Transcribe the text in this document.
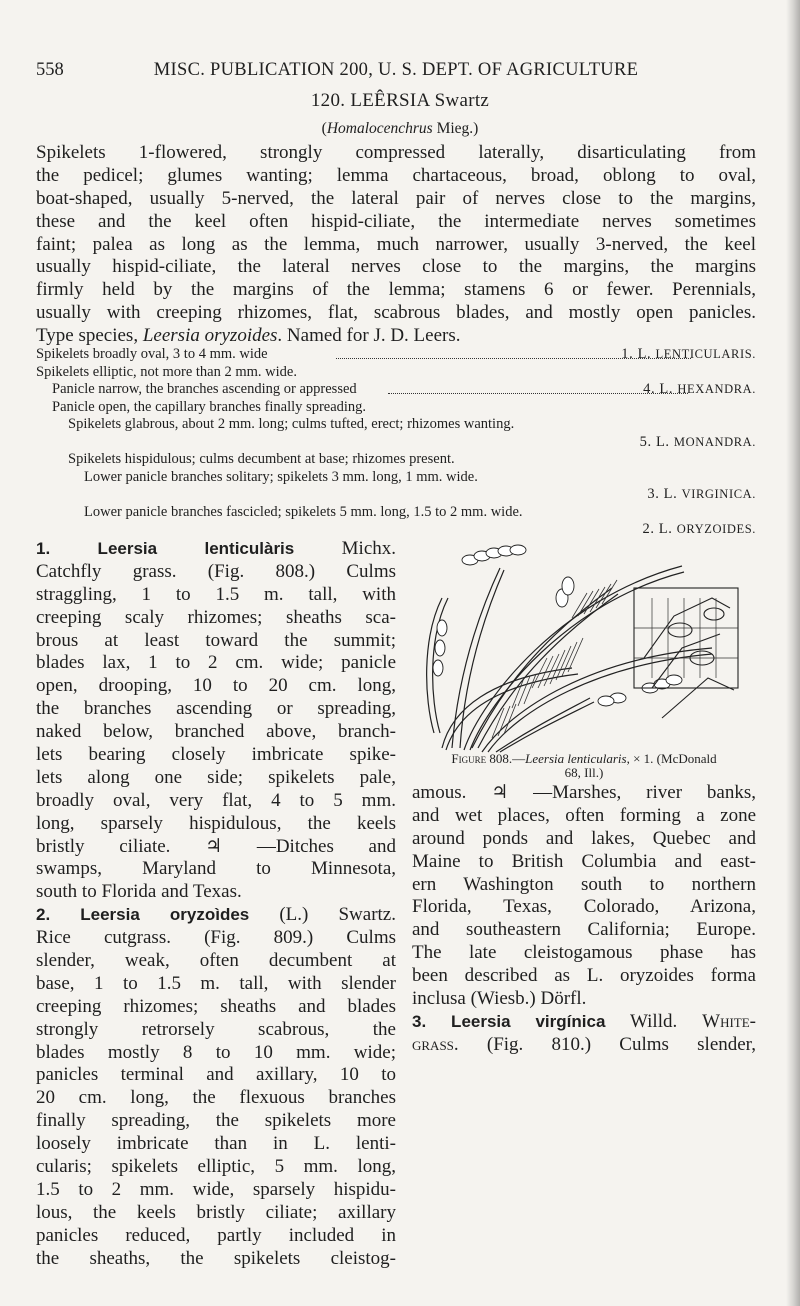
558	MISC. PUBLICATION 200, U. S. DEPT. OF AGRICULTURE
120. LEÊRSIA Swartz
(Homalocenchrus Mieg.)
Spikelets 1-flowered, strongly compressed laterally, disarticulating from
the pedicel; glumes wanting; lemma chartaceous, broad, oblong to oval,
boat-shaped, usually 5-nerved, the lateral pair of nerves close to the margins,
these and the keel often hispid-ciliate, the intermediate nerves sometimes
faint; palea as long as the lemma, much narrower, usually 3-nerved, the keel
usually hispid-ciliate, the lateral nerves close to the margins, the margins
firmly held by the margins of the lemma; stamens 6 or fewer. Perennials,
usually with creeping rhizomes, flat, scabrous blades, and mostly open panicles.
Type species, Leersia oryzoides. Named for J. D. Leers.
Spikelets broadly oval, 3 to 4 mm. wide	1. L. LENTICULARIS.
Spikelets elliptic, not more than 2 mm. wide.
Panicle narrow, the branches ascending or appressed	4. L. HEXANDRA.
Panicle open, the capillary branches finally spreading.
Spikelets glabrous, about 2 mm. long; culms tufted, erect; rhizomes wanting.
5. L. MONANDRA.
Spikelets hispidulous; culms decumbent at base; rhizomes present.
Lower panicle branches solitary; spikelets 3 mm. long, 1 mm. wide.
3. L. VIRGINICA.
Lower panicle branches fascicled; spikelets 5 mm. long, 1.5 to 2 mm. wide.
2. L. ORYZOIDES.
1. Leersia lenticulàris Michx.
Catchfly grass. (Fig. 808.) Culms
straggling, 1 to 1.5 m. tall, with
creeping scaly rhizomes; sheaths sca-
brous at least toward the summit;
blades lax, 1 to 2 cm. wide; panicle
open, drooping, 10 to 20 cm. long,
the branches ascending or spreading,
naked below, branched above, branch-
lets bearing closely imbricate spike-
lets along one side; spikelets pale,
broadly oval, very flat, 4 to 5 mm.
long, sparsely hispidulous, the keels
bristly ciliate. ♃ —Ditches and
swamps, Maryland to Minnesota,
south to Florida and Texas.
2. Leersia oryzoìdes (L.) Swartz.
Rice cutgrass. (Fig. 809.) Culms
slender, weak, often decumbent at
base, 1 to 1.5 m. tall, with slender
creeping rhizomes; sheaths and blades
strongly retrorsely scabrous, the
blades mostly 8 to 10 mm. wide;
panicles terminal and axillary, 10 to
20 cm. long, the flexuous branches
finally spreading, the spikelets more
loosely imbricate than in L. lenti-
cularis; spikelets elliptic, 5 mm. long,
1.5 to 2 mm. wide, sparsely hispidu-
lous, the keels bristly ciliate; axillary
panicles reduced, partly included in
the sheaths, the spikelets cleistog-
Figure 808.—Leersia lenticularis, × 1. (McDonald
68, Ill.)
amous. ♃ —Marshes, river banks,
and wet places, often forming a zone
around ponds and lakes, Quebec and
Maine to British Columbia and east-
ern Washington south to northern
Florida, Texas, Colorado, Arizona,
and southeastern California; Europe.
The late cleistogamous phase has
been described as L. oryzoides forma
inclusa (Wiesb.) Dörfl.
3. Leersia virgínica Willd. White-
grass. (Fig. 810.) Culms slender,
